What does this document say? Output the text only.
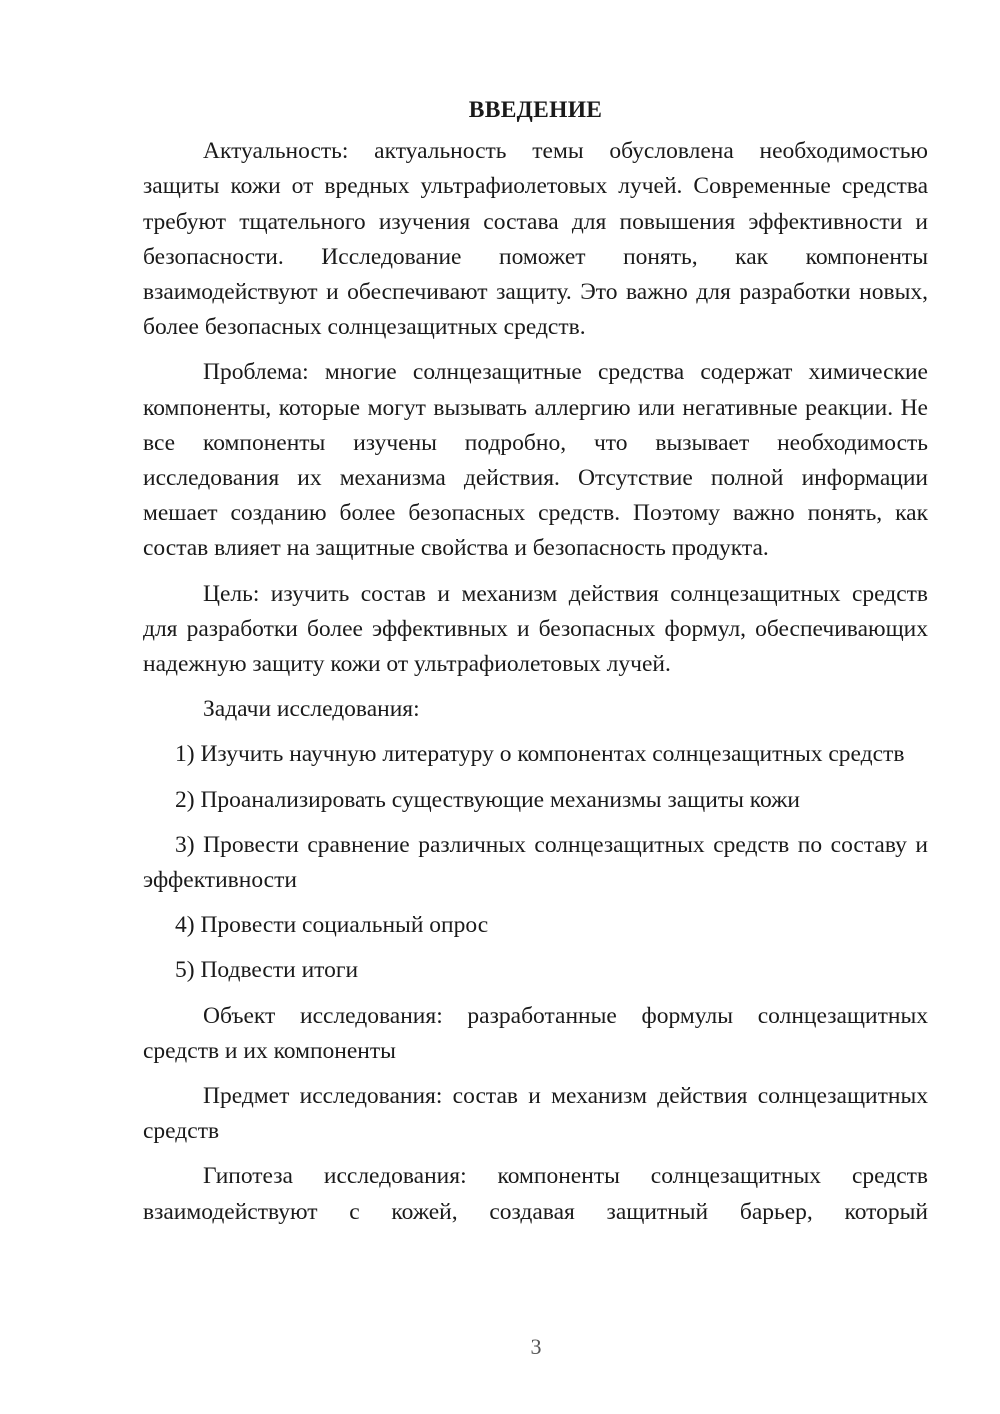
ВВЕДЕНИЕ

Актуальность: актуальность темы обусловлена необходимостью защиты кожи от вредных ультрафиолетовых лучей. Современные средства требуют тщательного изучения состава для повышения эффективности и безопасности. Исследование поможет понять, как компоненты взаимодействуют и обеспечивают защиту. Это важно для разработки новых, более безопасных солнцезащитных средств.

Проблема: многие солнцезащитные средства содержат химические компоненты, которые могут вызывать аллергию или негативные реакции. Не все компоненты изучены подробно, что вызывает необходимость исследования их механизма действия. Отсутствие полной информации мешает созданию более безопасных средств. Поэтому важно понять, как состав влияет на защитные свойства и безопасность продукта.

Цель: изучить состав и механизм действия солнцезащитных средств для разработки более эффективных и безопасных формул, обеспечивающих надежную защиту кожи от ультрафиолетовых лучей.

Задачи исследования:

1) Изучить научную литературу о компонентах солнцезащитных средств

2) Проанализировать существующие механизмы защиты кожи

3) Провести сравнение различных солнцезащитных средств по составу и эффективности

4) Провести социальный опрос

5) Подвести итоги

Объект исследования: разработанные формулы солнцезащитных средств и их компоненты

Предмет исследования: состав и механизм действия солнцезащитных средств

Гипотеза исследования: компоненты солнцезащитных средств взаимодействуют с кожей, создавая защитный барьер, который

3
